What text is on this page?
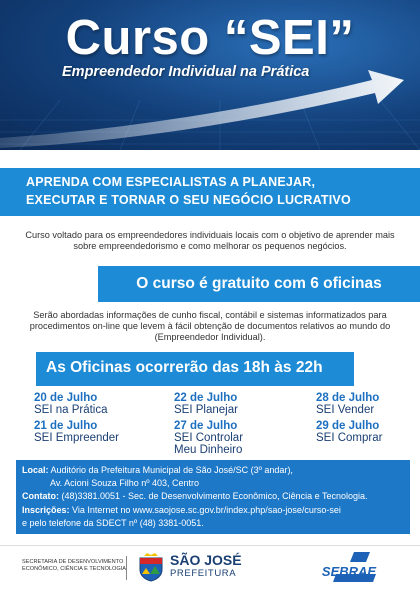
Curso “SEI”
Empreendedor Individual na Prática
APRENDA COM ESPECIALISTAS A PLANEJAR,
EXECUTAR E TORNAR O SEU NEGÓCIO LUCRATIVO
Curso voltado para os empreendedores individuais locais com o objetivo de aprender mais
sobre empreendedorismo e como melhorar os pequenos negócios.
O curso é gratuito com 6 oficinas
Serão abordadas informações de cunho fiscal, contábil e sistemas informatizados para
procedimentos on-line que levem à fácil obtenção de documentos relativos ao mundo do
(Empreendedor Individual).
As Oficinas ocorrerão das 18h às 22h
20 de Julho
SEI na Prática
21 de Julho
SEI Empreender
22 de Julho
SEI Planejar
27 de Julho
SEI Controlar
Meu Dinheiro
28 de Julho
SEI Vender
29 de Julho
SEI Comprar
Local: Auditório da Prefeitura Municipal de São José/SC (3º andar),
Av. Acioni Souza Filho nº 403, Centro
Contato: (48)3381.0051 - Sec. de Desenvolvimento Econômico, Ciência e Tecnologia.
Inscrições: Via Internet no www.saojose.sc.gov.br/index.php/sao-jose/curso-sei
e pelo telefone da SDECT nº (48) 3381-0051.
SECRETARIA DE DESENVOLVIMENTO
ECONÔMICO, CIÊNCIA E TECNOLOGIA
SÃO JOSÉ
PREFEITURA	SEBRAE
